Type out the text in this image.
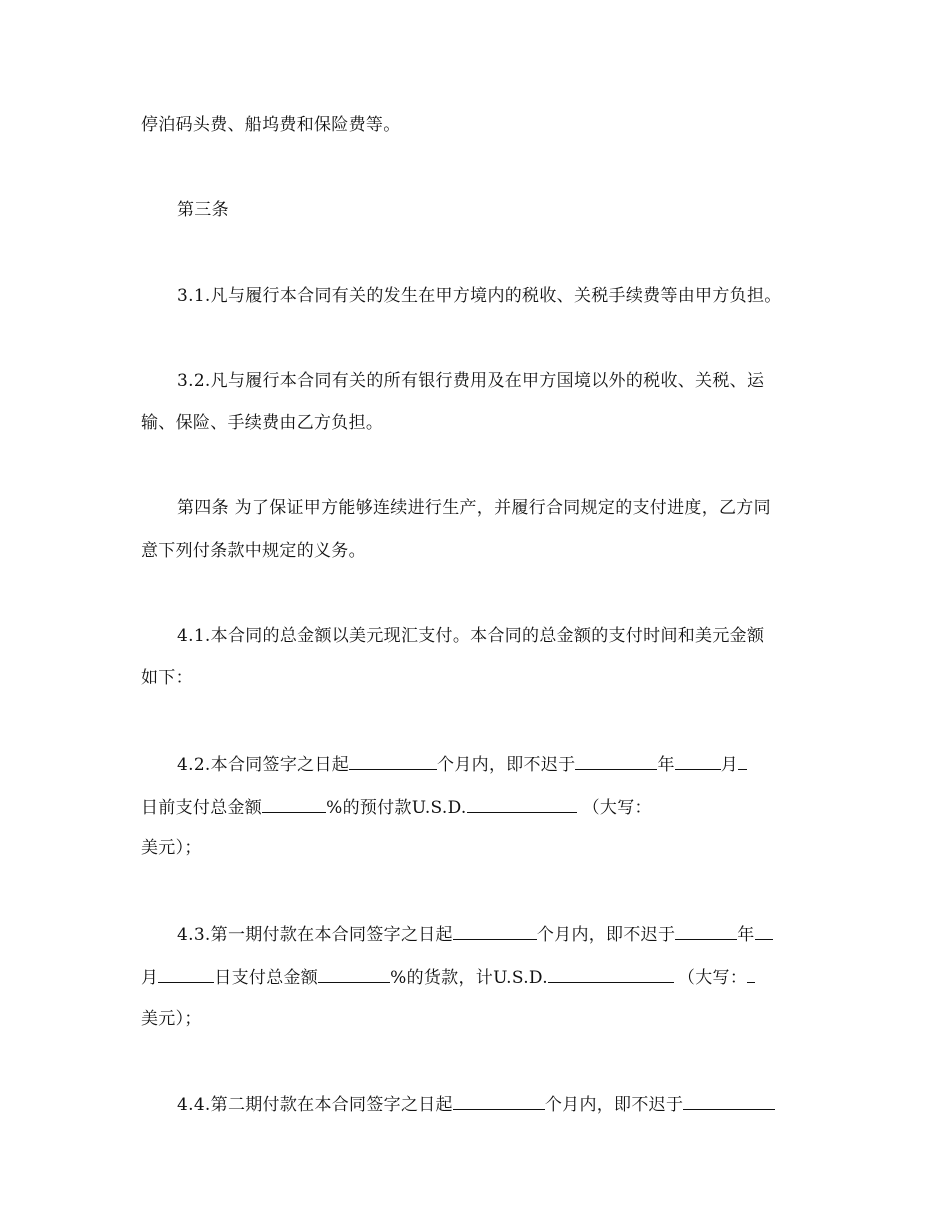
停泊码头费、船坞费和保险费等。
第三条
3.1.凡与履行本合同有关的发生在甲方境内的税收、关税手续费等由甲方负担。
3.2.凡与履行本合同有关的所有银行费用及在甲方国境以外的税收、关税、运
输、保险、手续费由乙方负担。
第四条 为了保证甲方能够连续进行生产，并履行合同规定的支付进度，乙方同
意下列付条款中规定的义务。
4.1.本合同的总金额以美元现汇支付。本合同的总金额的支付时间和美元金额
如下：
4.2.本合同签字之日起	个月内，即不迟于	年	月
日前支付总金额	%的预付款U.S.D.	（大写：
美元）；
4.3.第一期付款在本合同签字之日起	个月内，即不迟于	年
月	日支付总金额	%的货款，计U.S.D.	（大写：
美元）；
4.4.第二期付款在本合同签字之日起	个月内，即不迟于
